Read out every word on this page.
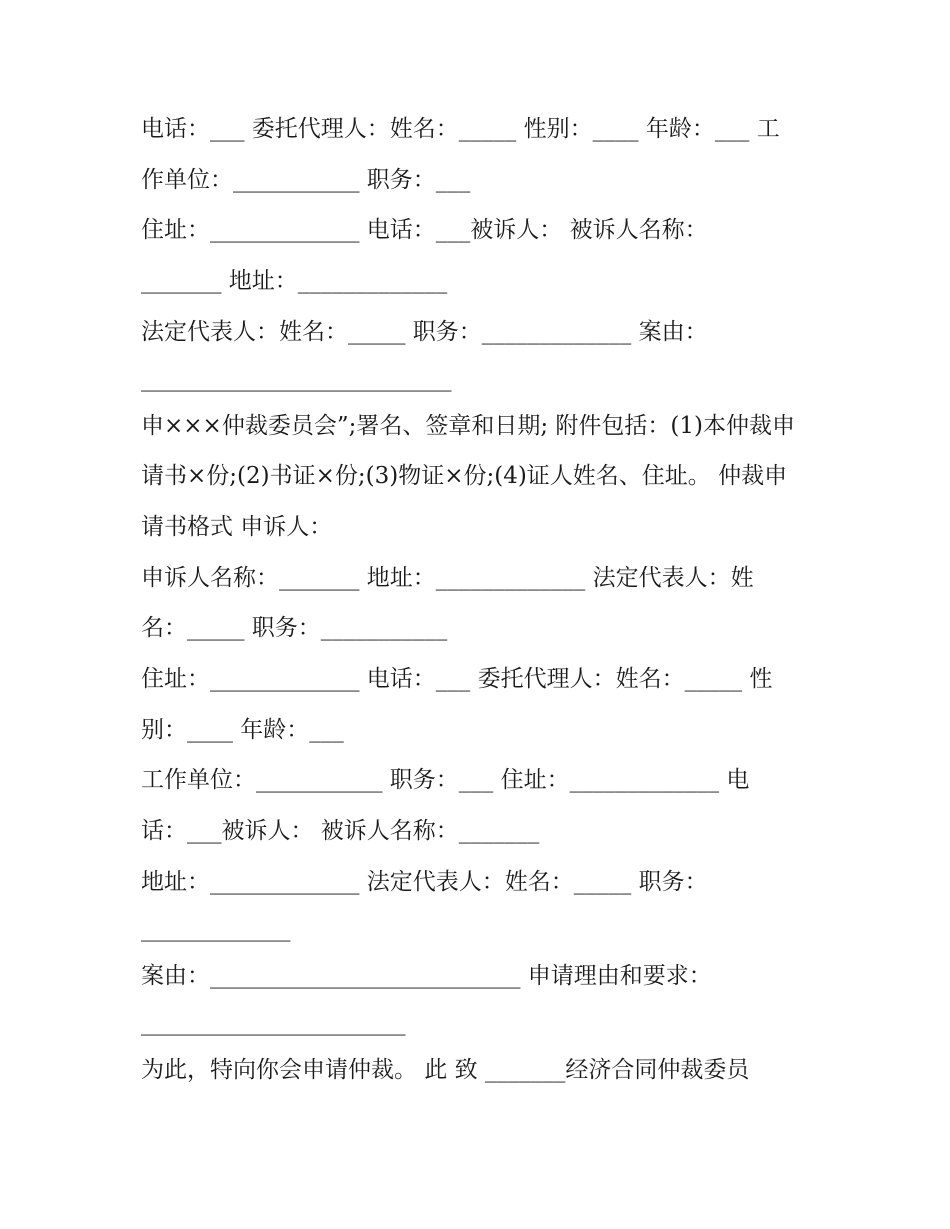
电话：___ 委托代理人：姓名：_____ 性别：____ 年龄：___ 工
作单位：___________ 职务：___
住址：_____________ 电话：___被诉人： 被诉人名称：
_______ 地址：_____________
法定代表人：姓名：_____ 职务：_____________ 案由：
___________________________
申×××仲裁委员会”;署名、签章和日期; 附件包括：(1)本仲裁申
请书×份;(2)书证×份;(3)物证×份;(4)证人姓名、住址。 仲裁申
请书格式 申诉人：
申诉人名称：_______ 地址：_____________ 法定代表人：姓
名：_____ 职务：___________
住址：_____________ 电话：___ 委托代理人：姓名：_____ 性
别：____ 年龄：___
工作单位：___________ 职务：___ 住址：_____________ 电
话：___被诉人： 被诉人名称：_______
地址：_____________ 法定代表人：姓名：_____ 职务：
_____________
案由：___________________________ 申请理由和要求：
_______________________
为此，特向你会申请仲裁。 此 致 _______经济合同仲裁委员
